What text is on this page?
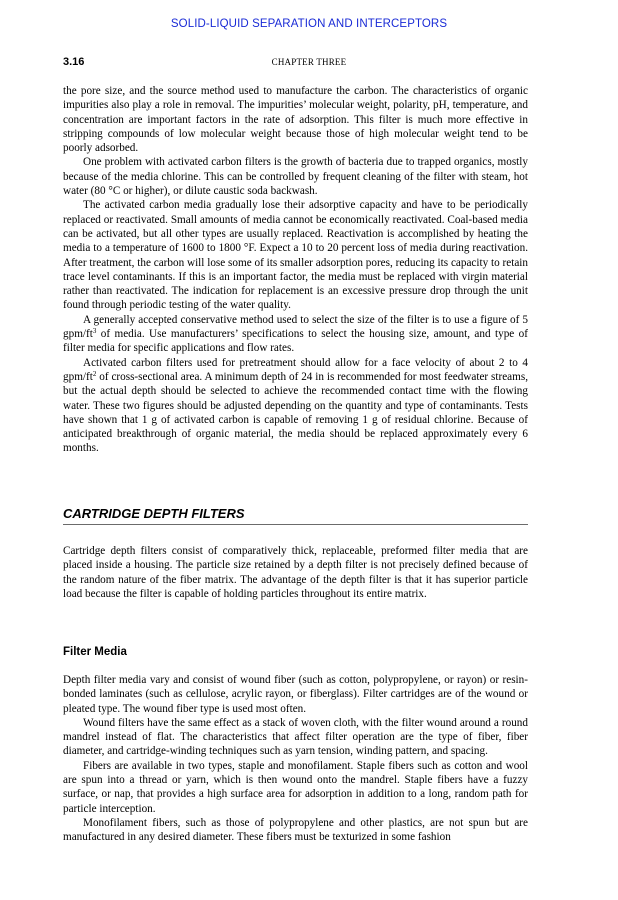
SOLID-LIQUID SEPARATION AND INTERCEPTORS
3.16	CHAPTER THREE

the pore size, and the source method used to manufacture the carbon. The characteristics of organic impurities also play a role in removal. The impurities’ molecular weight, polarity, pH, temperature, and concentration are important factors in the rate of adsorption. This filter is much more effective in stripping compounds of low molecular weight because those of high molecular weight tend to be poorly adsorbed.

One problem with activated carbon filters is the growth of bacteria due to trapped organics, mostly because of the media chlorine. This can be controlled by frequent cleaning of the filter with steam, hot water (80 °C or higher), or dilute caustic soda backwash.

The activated carbon media gradually lose their adsorptive capacity and have to be periodically replaced or reactivated. Small amounts of media cannot be economically reactivated. Coal-based media can be activated, but all other types are usually replaced. Reactivation is accomplished by heating the media to a temperature of 1600 to 1800 °F. Expect a 10 to 20 percent loss of media during reactivation. After treatment, the carbon will lose some of its smaller adsorption pores, reducing its capacity to retain trace level contaminants. If this is an important factor, the media must be replaced with virgin material rather than reactivated. The indication for replacement is an excessive pressure drop through the unit found through periodic testing of the water quality.

A generally accepted conservative method used to select the size of the filter is to use a figure of 5 gpm/$ft^3$ of media. Use manufacturers’ specifications to select the housing size, amount, and type of filter media for specific applications and flow rates.

Activated carbon filters used for pretreatment should allow for a face velocity of about 2 to 4 gpm/$ft^2$ of cross-sectional area. A minimum depth of 24 in is recommended for most feedwater streams, but the actual depth should be selected to achieve the recommended contact time with the flowing water. These two figures should be adjusted depending on the quantity and type of contaminants. Tests have shown that 1 g of activated carbon is capable of removing 1 g of residual chlorine. Because of anticipated breakthrough of organic material, the media should be replaced approximately every 6 months.

CARTRIDGE DEPTH FILTERS

Cartridge depth filters consist of comparatively thick, replaceable, preformed filter media that are placed inside a housing. The particle size retained by a depth filter is not precisely defined because of the random nature of the fiber matrix. The advantage of the depth filter is that it has superior particle load because the filter is capable of holding particles throughout its entire matrix.

Filter Media

Depth filter media vary and consist of wound fiber (such as cotton, polypropylene, or rayon) or resin-bonded laminates (such as cellulose, acrylic rayon, or fiberglass). Filter cartridges are of the wound or pleated type. The wound fiber type is used most often.

Wound filters have the same effect as a stack of woven cloth, with the filter wound around a round mandrel instead of flat. The characteristics that affect filter operation are the type of fiber, fiber diameter, and cartridge-winding techniques such as yarn tension, winding pattern, and spacing.

Fibers are available in two types, staple and monofilament. Staple fibers such as cotton and wool are spun into a thread or yarn, which is then wound onto the mandrel. Staple fibers have a fuzzy surface, or nap, that provides a high surface area for adsorption in addition to a long, random path for particle interception.

Monofilament fibers, such as those of polypropylene and other plastics, are not spun but are manufactured in any desired diameter. These fibers must be texturized in some fashion
